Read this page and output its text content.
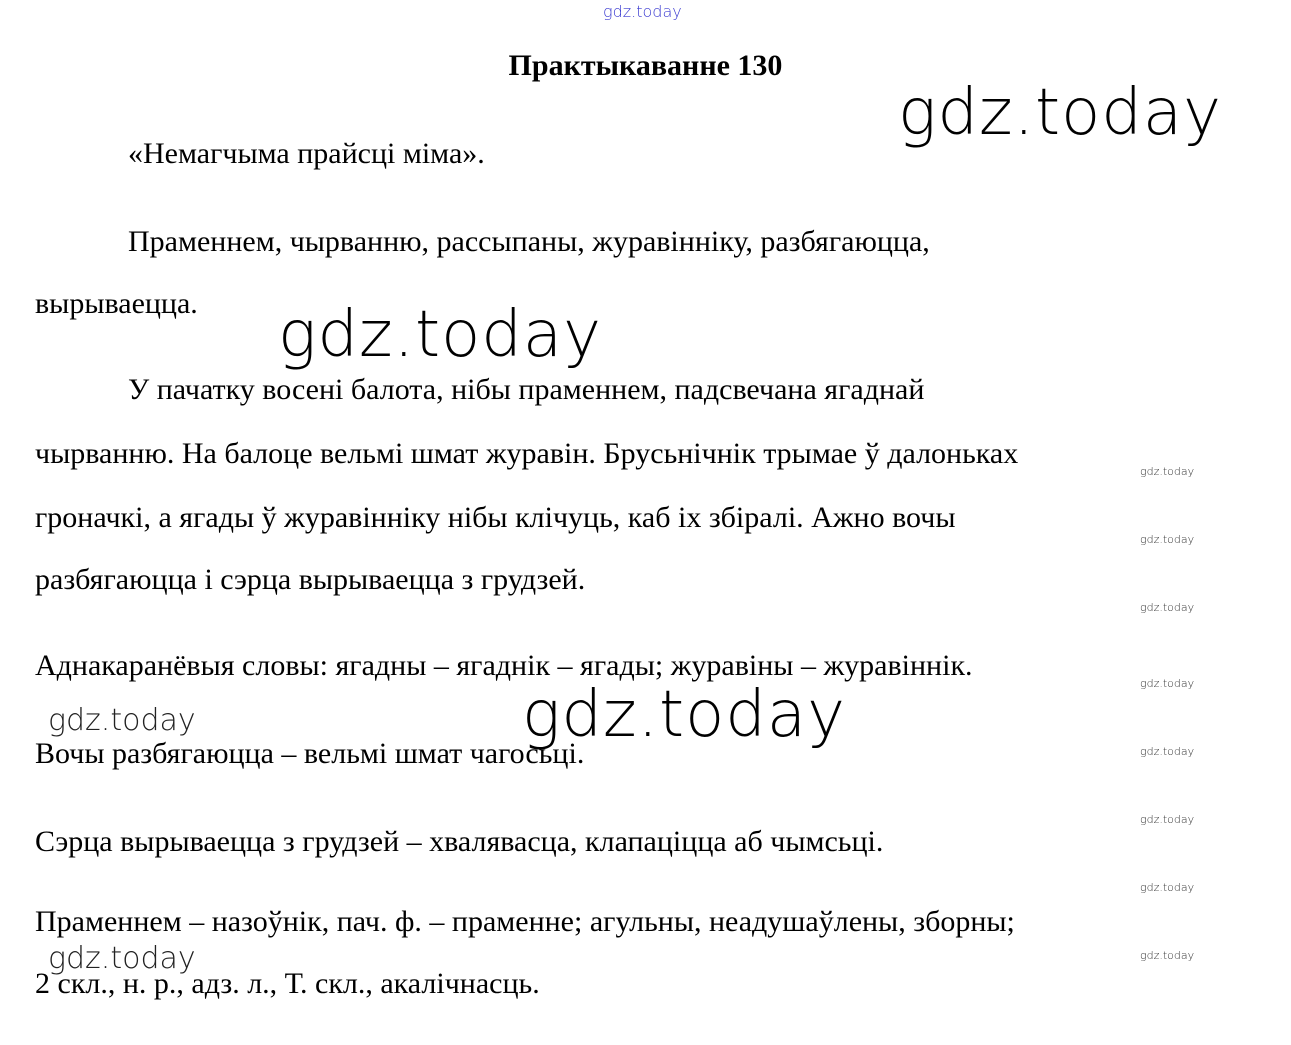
gdz.today
Практыкаванне 130
gdz.today
«Немагчыма прайсці міма».
Праменнем, чырванню, рассыпаны, журавінніку, разбягаюцца,
вырываецца. gdz.today
У пачатку восені балота, нібы праменнем, падсвечана ягаднай
чырванню. На балоце вельмі шмат журавін. Брусьнічнік трымае ў далоньках
gdz.today
гроначкі, а ягады ў журавінніку нібы клічуць, каб іх збіралі. Ажно вочы
gdz.today
разбягаюцца і сэрца вырываецца з грудзей.
gdz.today
Аднакаранёвыя словы: ягадны – ягаднік – ягады; журавіны – журавіннік.
gdz.today
gdz.today
gdz.today
Вочы разбягаюцца – вельмі шмат чагосьці.	gdz.today
gdz.today
Сэрца вырываецца з грудзей – хваляваcца, клапаціцца аб чымсьці.
gdz.today
Праменнем – назоўнік, пач. ф. – праменне; агульны, неадушаўлены, зборны;
gdz.today
gdz.today
2 скл., н. р., адз. л., Т. скл., акалічнасць.
